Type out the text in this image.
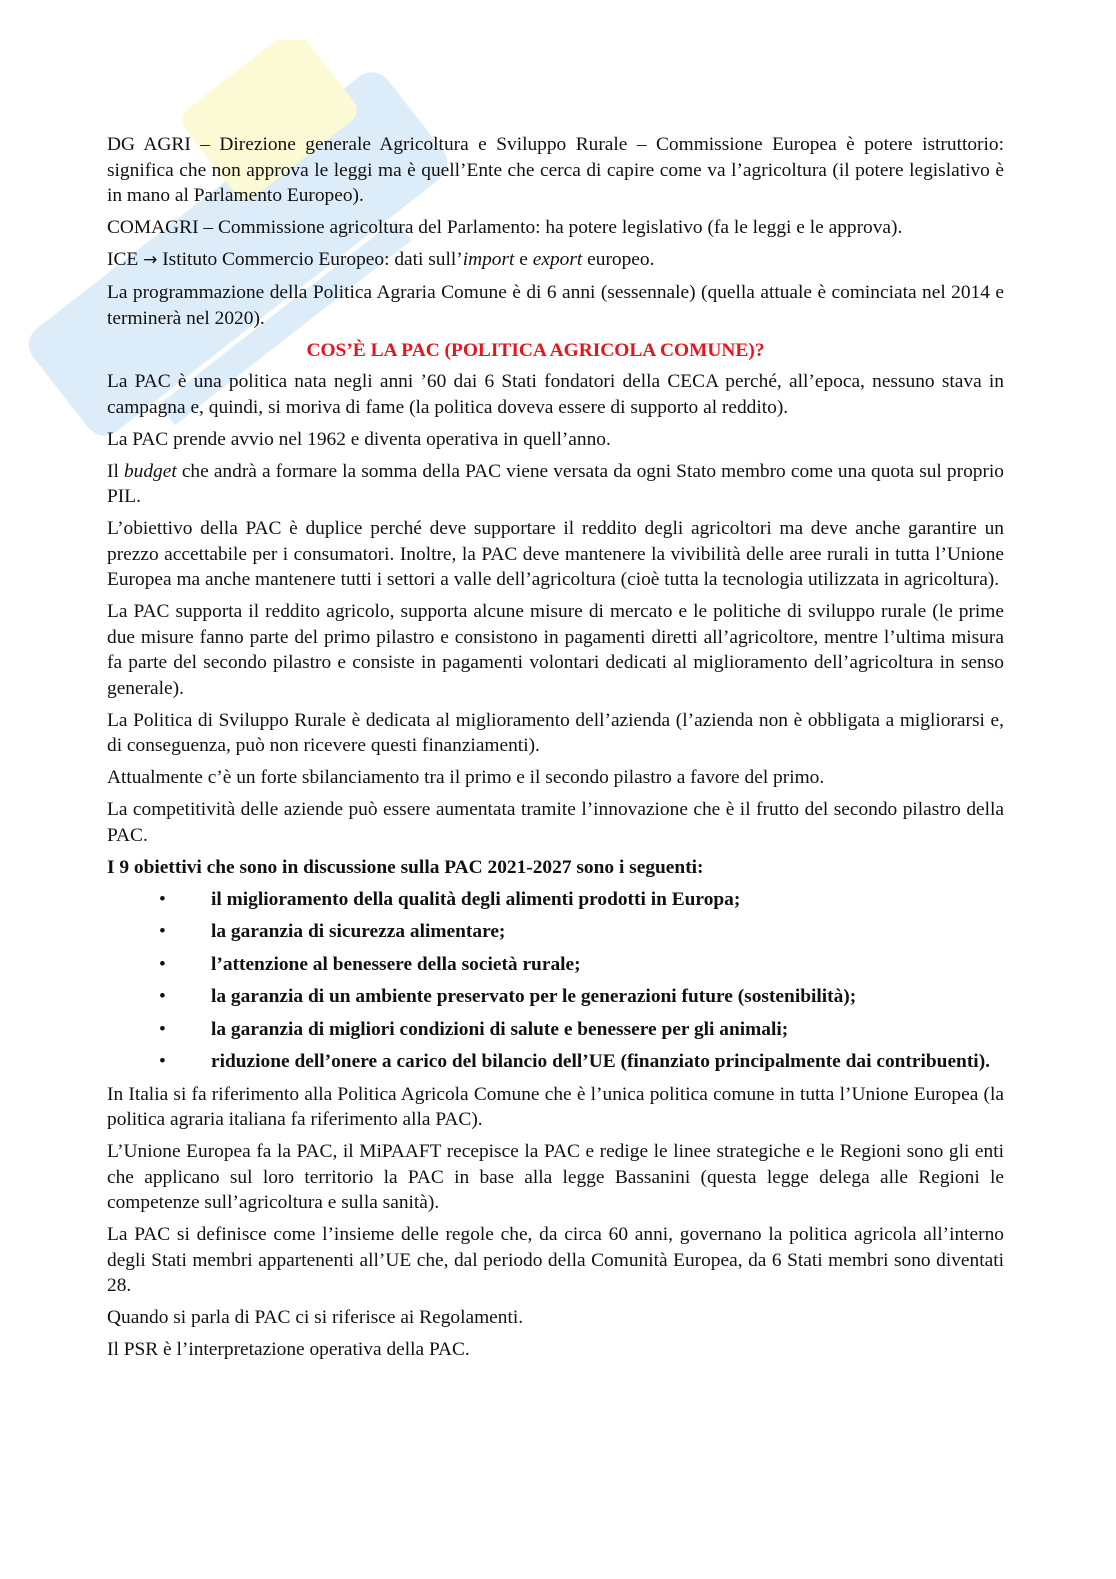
DG AGRI – Direzione generale Agricoltura e Sviluppo Rurale – Commissione Europea è potere istruttorio: significa che non approva le leggi ma è quell’Ente che cerca di capire come va l’agricoltura (il potere legislativo è in mano al Parlamento Europeo).

COMAGRI – Commissione agricoltura del Parlamento: ha potere legislativo (fa le leggi e le approva).

ICE → Istituto Commercio Europeo: dati sull’import e export europeo.

La programmazione della Politica Agraria Comune è di 6 anni (sessennale) (quella attuale è cominciata nel 2014 e terminerà nel 2020).

COS’È LA PAC (POLITICA AGRICOLA COMUNE)?

La PAC è una politica nata negli anni ’60 dai 6 Stati fondatori della CECA perché, all’epoca, nessuno stava in campagna e, quindi, si moriva di fame (la politica doveva essere di supporto al reddito).

La PAC prende avvio nel 1962 e diventa operativa in quell’anno.

Il budget che andrà a formare la somma della PAC viene versata da ogni Stato membro come una quota sul proprio PIL.

L’obiettivo della PAC è duplice perché deve supportare il reddito degli agricoltori ma deve anche garantire un prezzo accettabile per i consumatori. Inoltre, la PAC deve mantenere la vivibilità delle aree rurali in tutta l’Unione Europea ma anche mantenere tutti i settori a valle dell’agricoltura (cioè tutta la tecnologia utilizzata in agricoltura).

La PAC supporta il reddito agricolo, supporta alcune misure di mercato e le politiche di sviluppo rurale (le prime due misure fanno parte del primo pilastro e consistono in pagamenti diretti all’agricoltore, mentre l’ultima misura fa parte del secondo pilastro e consiste in pagamenti volontari dedicati al miglioramento dell’agricoltura in senso generale).

La Politica di Sviluppo Rurale è dedicata al miglioramento dell’azienda (l’azienda non è obbligata a migliorarsi e, di conseguenza, può non ricevere questi finanziamenti).

Attualmente c’è un forte sbilanciamento tra il primo e il secondo pilastro a favore del primo.

La competitività delle aziende può essere aumentata tramite l’innovazione che è il frutto del secondo pilastro della PAC.

I 9 obiettivi che sono in discussione sulla PAC 2021-2027 sono i seguenti:

• il miglioramento della qualità degli alimenti prodotti in Europa;
• la garanzia di sicurezza alimentare;
• l’attenzione al benessere della società rurale;
• la garanzia di un ambiente preservato per le generazioni future (sostenibilità);
• la garanzia di migliori condizioni di salute e benessere per gli animali;
• riduzione dell’onere a carico del bilancio dell’UE (finanziato principalmente dai contribuenti).

In Italia si fa riferimento alla Politica Agricola Comune che è l’unica politica comune in tutta l’Unione Europea (la politica agraria italiana fa riferimento alla PAC).

L’Unione Europea fa la PAC, il MiPAAFT recepisce la PAC e redige le linee strategiche e le Regioni sono gli enti che applicano sul loro territorio la PAC in base alla legge Bassanini (questa legge delega alle Regioni le competenze sull’agricoltura e sulla sanità).

La PAC si definisce come l’insieme delle regole che, da circa 60 anni, governano la politica agricola all’interno degli Stati membri appartenenti all’UE che, dal periodo della Comunità Europea, da 6 Stati membri sono diventati 28.

Quando si parla di PAC ci si riferisce ai Regolamenti.

Il PSR è l’interpretazione operativa della PAC.
